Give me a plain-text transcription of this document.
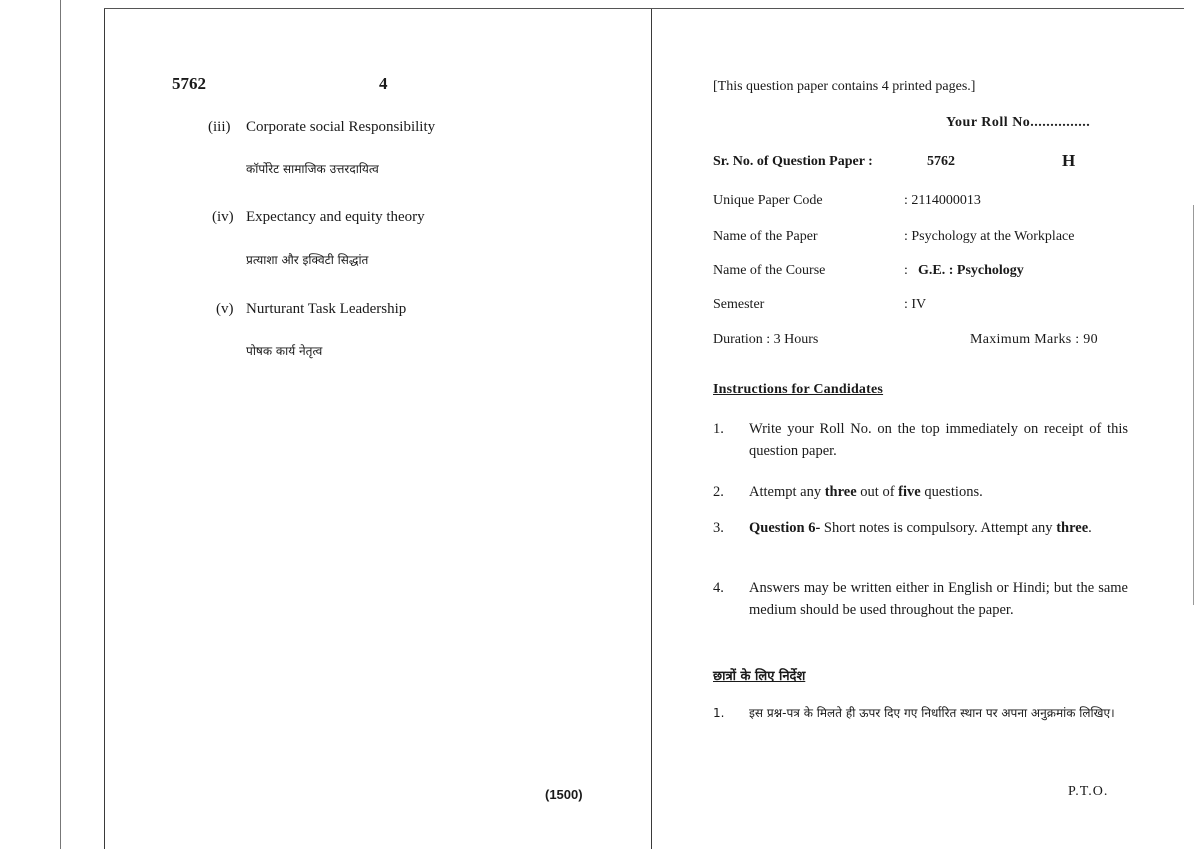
5762	4
(iii) Corporate social Responsibility
कॉर्पोरेट सामाजिक उत्तरदायित्व
(iv) Expectancy and equity theory
प्रत्याशा और इक्विटी सिद्धांत
(v) Nurturant Task Leadership
पोषक कार्य नेतृत्व
(1500)
[This question paper contains 4 printed pages.]
Your Roll No...............
Sr. No. of Question Paper :	5762	H
Unique Paper Code	: 2114000013
Name of the Paper	: Psychology at the Workplace
Name of the Course	: G.E. : Psychology
Semester	: IV
Duration : 3 Hours	Maximum Marks : 90
Instructions for Candidates
1. Write your Roll No. on the top immediately on receipt of this question paper.
2. Attempt any three out of five questions.
3. Question 6- Short notes is compulsory. Attempt any three.
4. Answers may be written either in English or Hindi; but the same medium should be used throughout the paper.
छात्रों के लिए निर्देश
1. इस प्रश्न-पत्र के मिलते ही ऊपर दिए गए निर्धारित स्थान पर अपना अनुक्रमांक लिखिए।
P.T.O.
